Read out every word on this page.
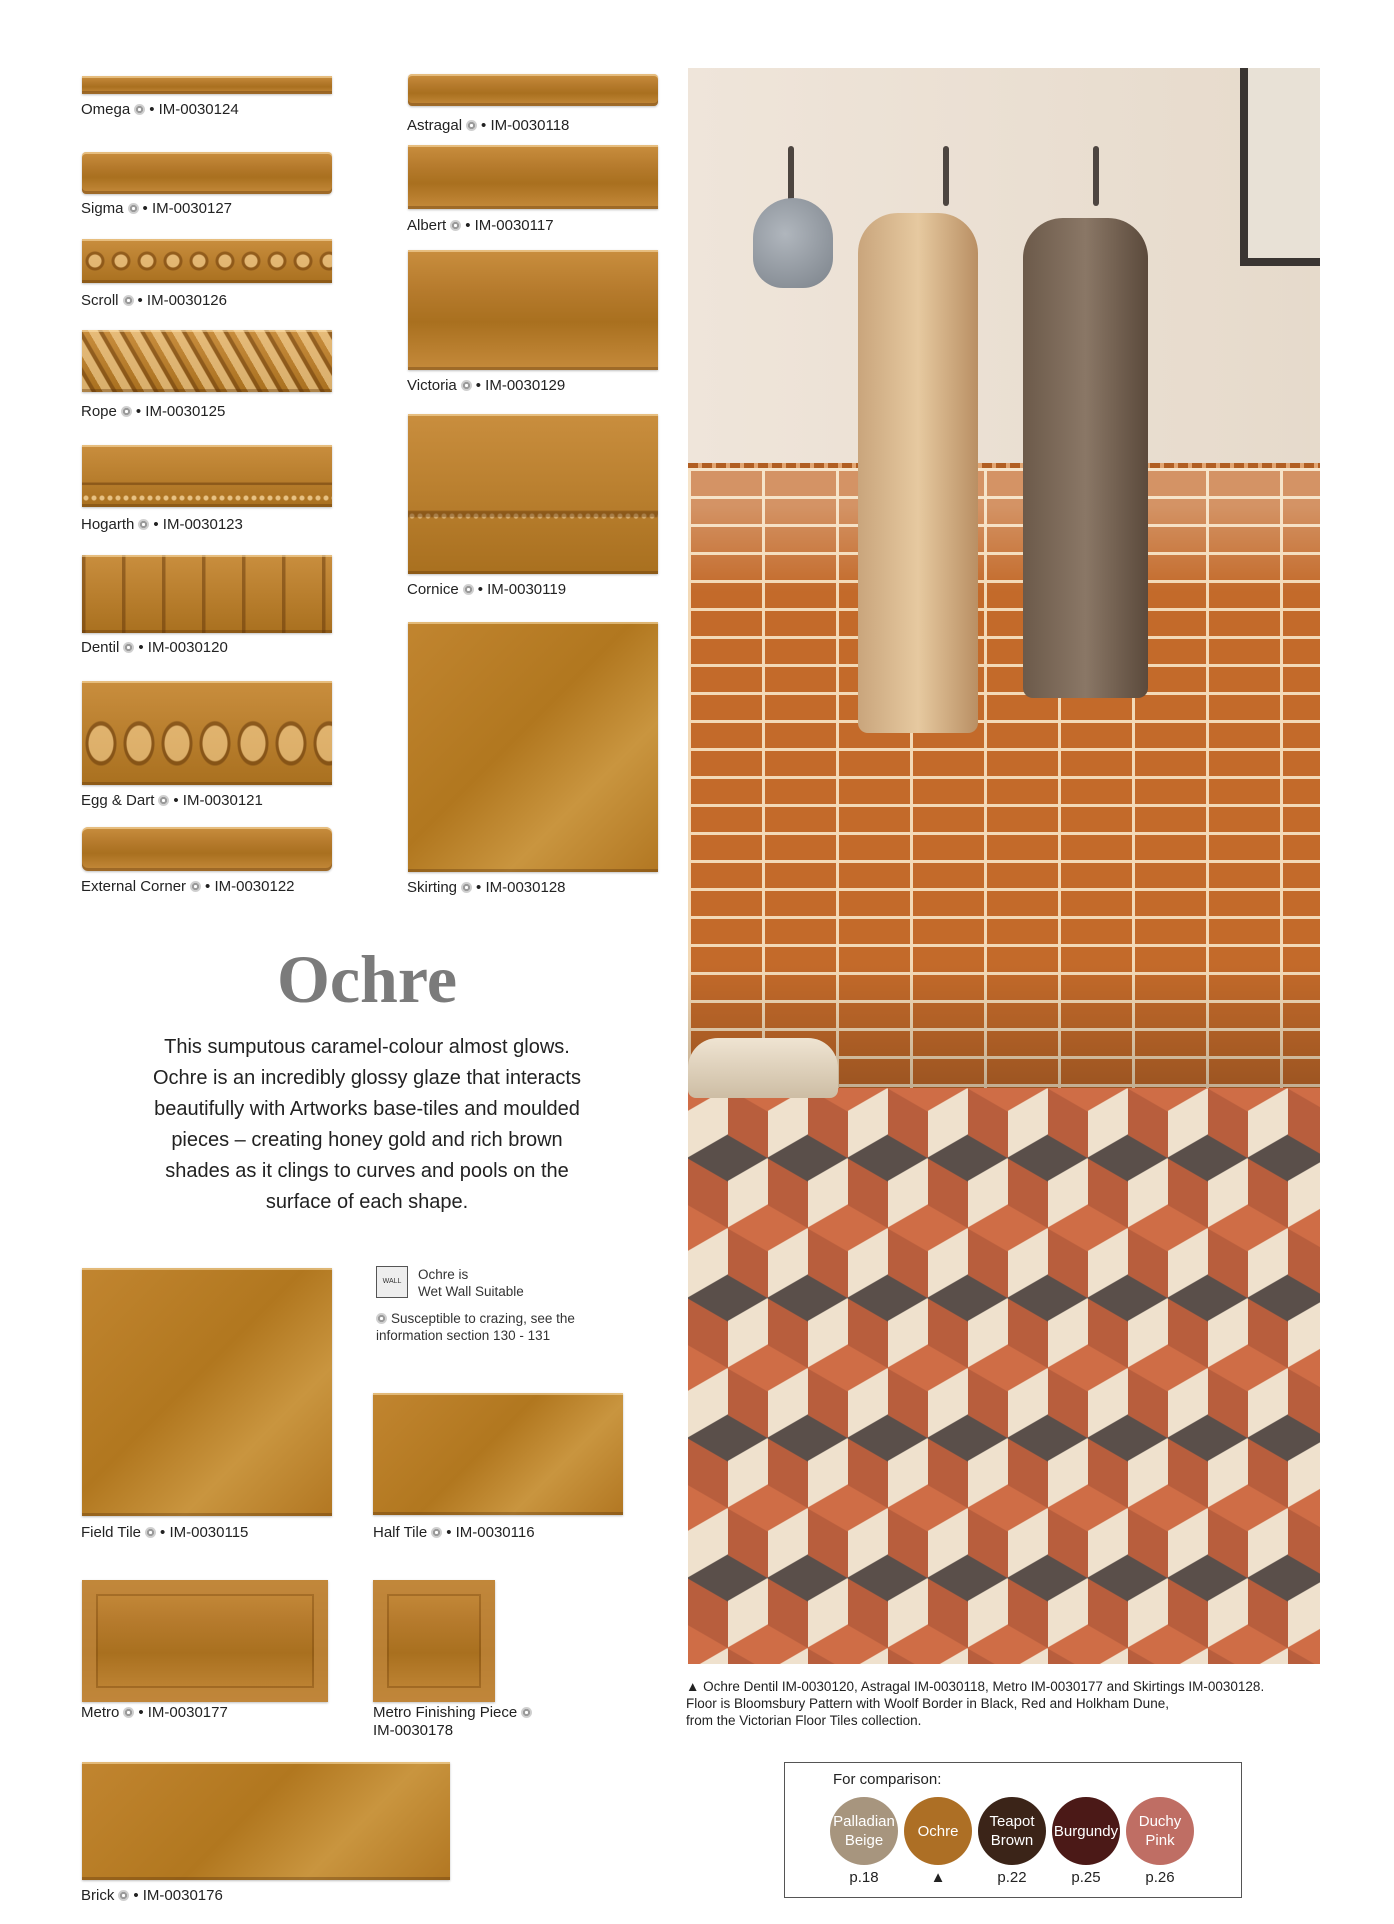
Omega • IM-0030124
Sigma • IM-0030127
Scroll • IM-0030126
Rope • IM-0030125
Hogarth • IM-0030123
Dentil • IM-0030120
Egg & Dart • IM-0030121
External Corner • IM-0030122
Astragal • IM-0030118
Albert • IM-0030117
Victoria • IM-0030129
Cornice • IM-0030119
Skirting • IM-0030128
Ochre
This sumputous caramel-colour almost glows. Ochre is an incredibly glossy glaze that interacts beautifully with Artworks base-tiles and moulded pieces – creating honey gold and rich brown shades as it clings to curves and pools on the surface of each shape.
Field Tile • IM-0030115
WALL	Ochre is
Wet Wall Suitable
Susceptible to crazing, see the
information section 130 - 131
Half Tile • IM-0030116
Metro • IM-0030177	Metro Finishing Piece
IM-0030178
Brick • IM-0030176
▲ Ochre Dentil IM-0030120, Astragal IM-0030118, Metro IM-0030177 and Skirtings IM-0030128.
Floor is Bloomsbury Pattern with Woolf Border in Black, Red and Holkham Dune,
from the Victorian Floor Tiles collection.
For comparison:
Palladian
Beige
p.18
Ochre
▲
Teapot
Brown
p.22
Burgundy
p.25
Duchy
Pink
p.26
